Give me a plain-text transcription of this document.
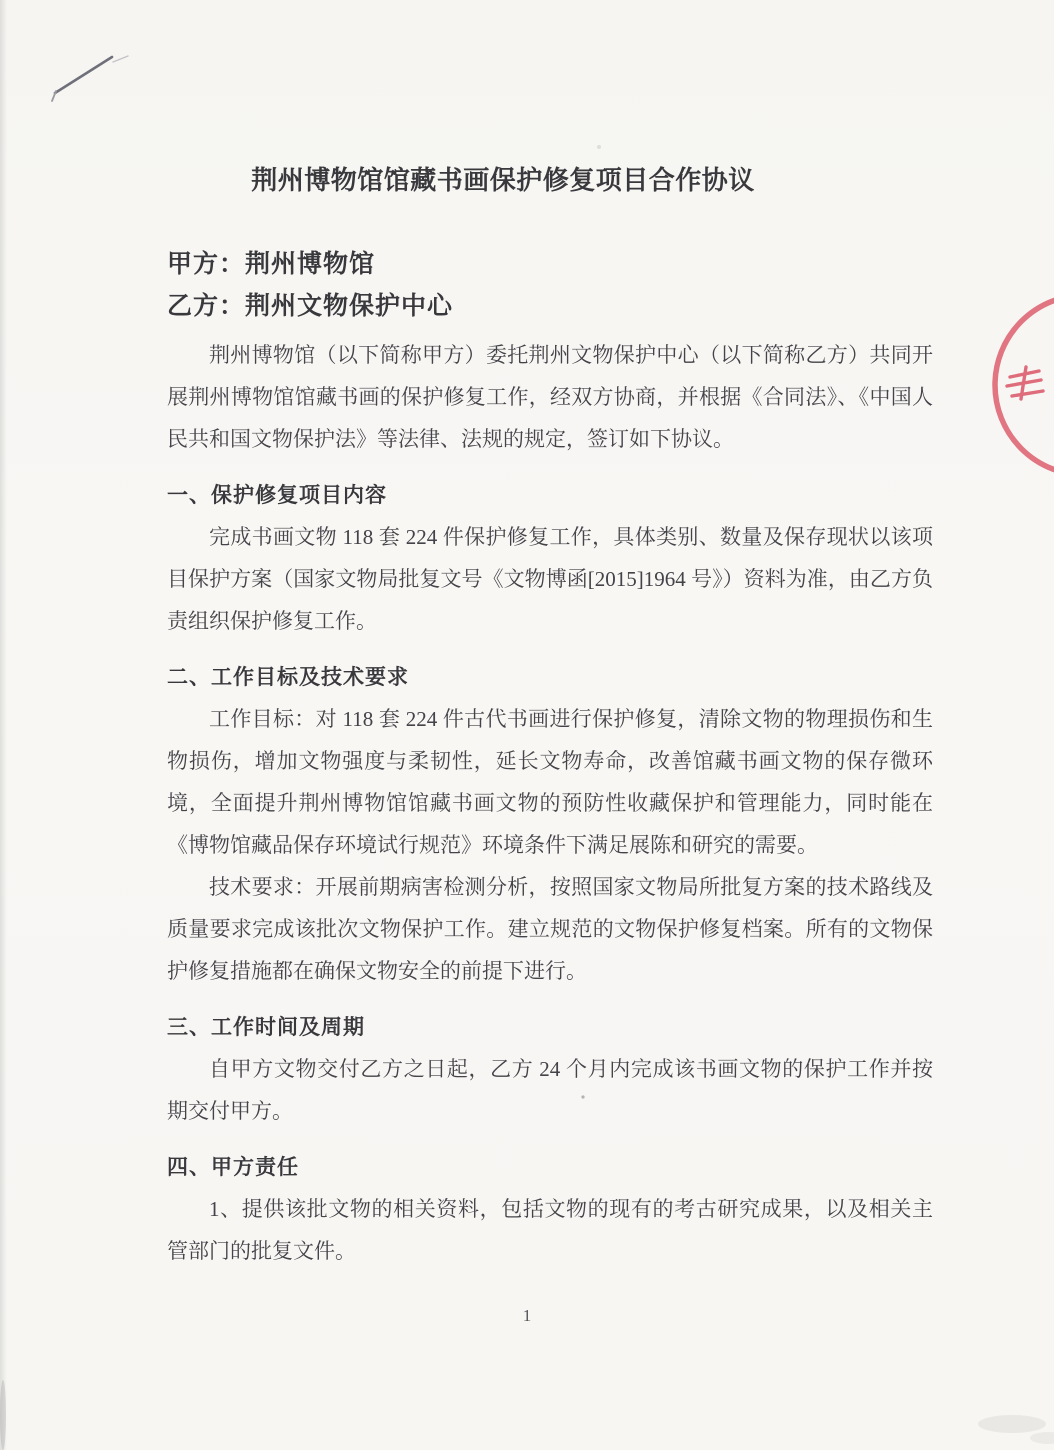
荆州博物馆馆藏书画保护修复项目合作协议
甲方：荆州博物馆
乙方：荆州文物保护中心

荆州博物馆（以下简称甲方）委托荆州文物保护中心（以下简称乙方）共同开展荆州博物馆馆藏书画的保护修复工作，经双方协商，并根据《合同法》、《中国人民共和国文物保护法》等法律、法规的规定，签订如下协议。

一、保护修复项目内容

完成书画文物 118 套 224 件保护修复工作，具体类别、数量及保存现状以该项目保护方案（国家文物局批复文号《文物博函[2015]1964 号》）资料为准，由乙方负责组织保护修复工作。

二、工作目标及技术要求

工作目标：对 118 套 224 件古代书画进行保护修复，清除文物的物理损伤和生物损伤，增加文物强度与柔韧性，延长文物寿命，改善馆藏书画文物的保存微环境，全面提升荆州博物馆馆藏书画文物的预防性收藏保护和管理能力，同时能在《博物馆藏品保存环境试行规范》环境条件下满足展陈和研究的需要。

技术要求：开展前期病害检测分析，按照国家文物局所批复方案的技术路线及质量要求完成该批次文物保护工作。建立规范的文物保护修复档案。所有的文物保护修复措施都在确保文物安全的前提下进行。

三、工作时间及周期

自甲方文物交付乙方之日起，乙方 24 个月内完成该书画文物的保护工作并按期交付甲方。

四、甲方责任

1、提供该批文物的相关资料，包括文物的现有的考古研究成果，以及相关主管部门的批复文件。

1
